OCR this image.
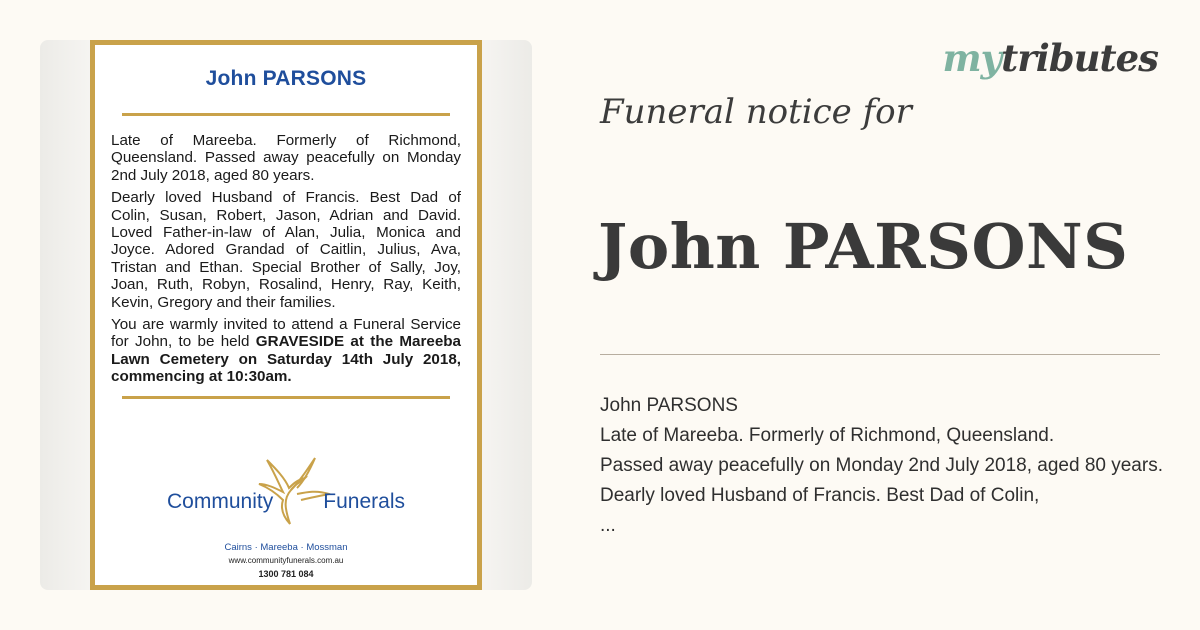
John PARSONS

Late of Mareeba. Formerly of Richmond, Queensland. Passed away peacefully on Monday 2nd July 2018, aged 80 years.

Dearly loved Husband of Francis. Best Dad of Colin, Susan, Robert, Jason, Adrian and David. Loved Father-in-law of Alan, Julia, Monica and Joyce. Adored Grandad of Caitlin, Julius, Ava, Tristan and Ethan. Special Brother of Sally, Joy, Joan, Ruth, Robyn, Rosalind, Henry, Ray, Keith, Kevin, Gregory and their families.

You are warmly invited to attend a Funeral Service for John, to be held GRAVESIDE at the Mareeba Lawn Cemetery on Saturday 14th July 2018, commencing at 10:30am.

Community Funerals
Cairns · Mareeba · Mossman
www.communityfunerals.com.au
1300 781 084
mytributes
Funeral notice for
John PARSONS
John PARSONS
Late of Mareeba. Formerly of Richmond, Queensland.
Passed away peacefully on Monday 2nd July 2018, aged 80 years.
Dearly loved Husband of Francis. Best Dad of Colin,
...
